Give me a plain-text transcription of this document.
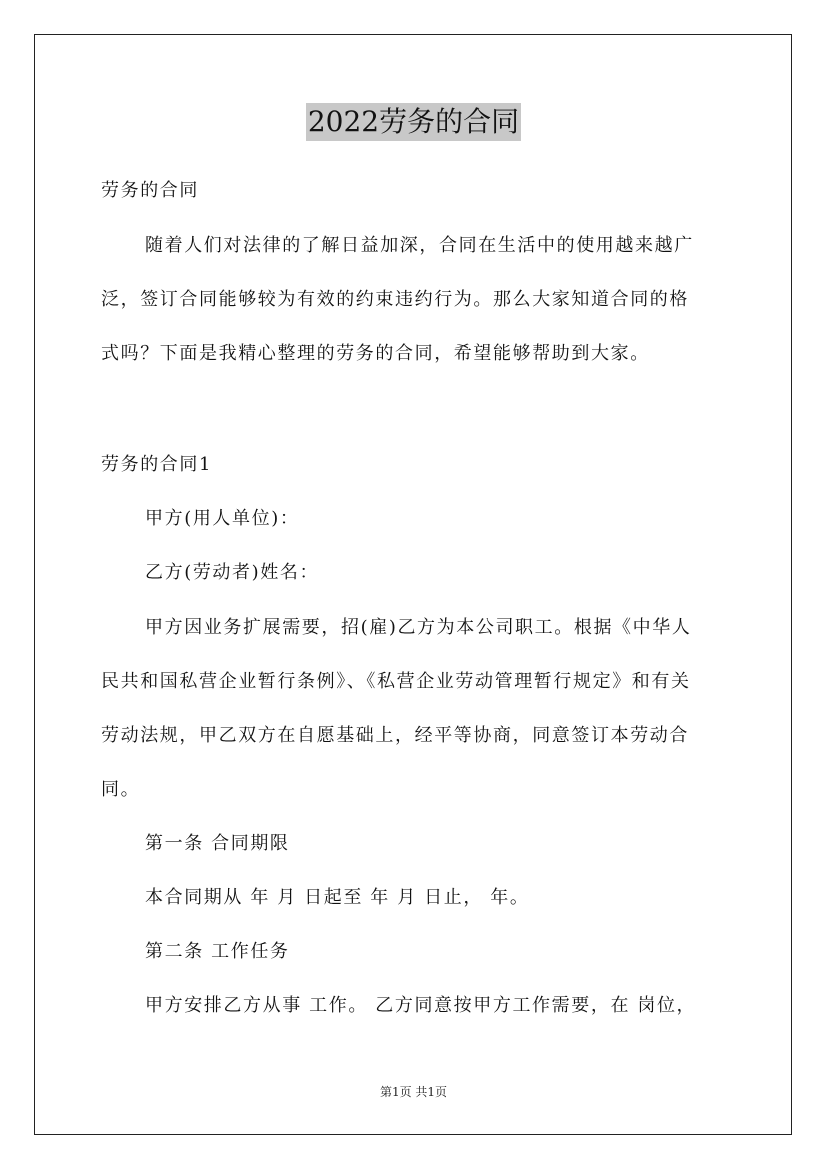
2022劳务的合同
劳务的合同
随着人们对法律的了解日益加深，合同在生活中的使用越来越广
泛，签订合同能够较为有效的约束违约行为。那么大家知道合同的格
式吗？下面是我精心整理的劳务的合同，希望能够帮助到大家。
劳务的合同1
甲方(用人单位)：
乙方(劳动者)姓名：
甲方因业务扩展需要，招(雇)乙方为本公司职工。根据《中华人
民共和国私营企业暂行条例》、《私营企业劳动管理暂行规定》和有关
劳动法规，甲乙双方在自愿基础上，经平等协商，同意签订本劳动合
同。
第一条 合同期限
本合同期从 年 月 日起至 年 月 日止， 年。
第二条 工作任务
甲方安排乙方从事 工作。 乙方同意按甲方工作需要，在 岗位，
第1页 共1页
